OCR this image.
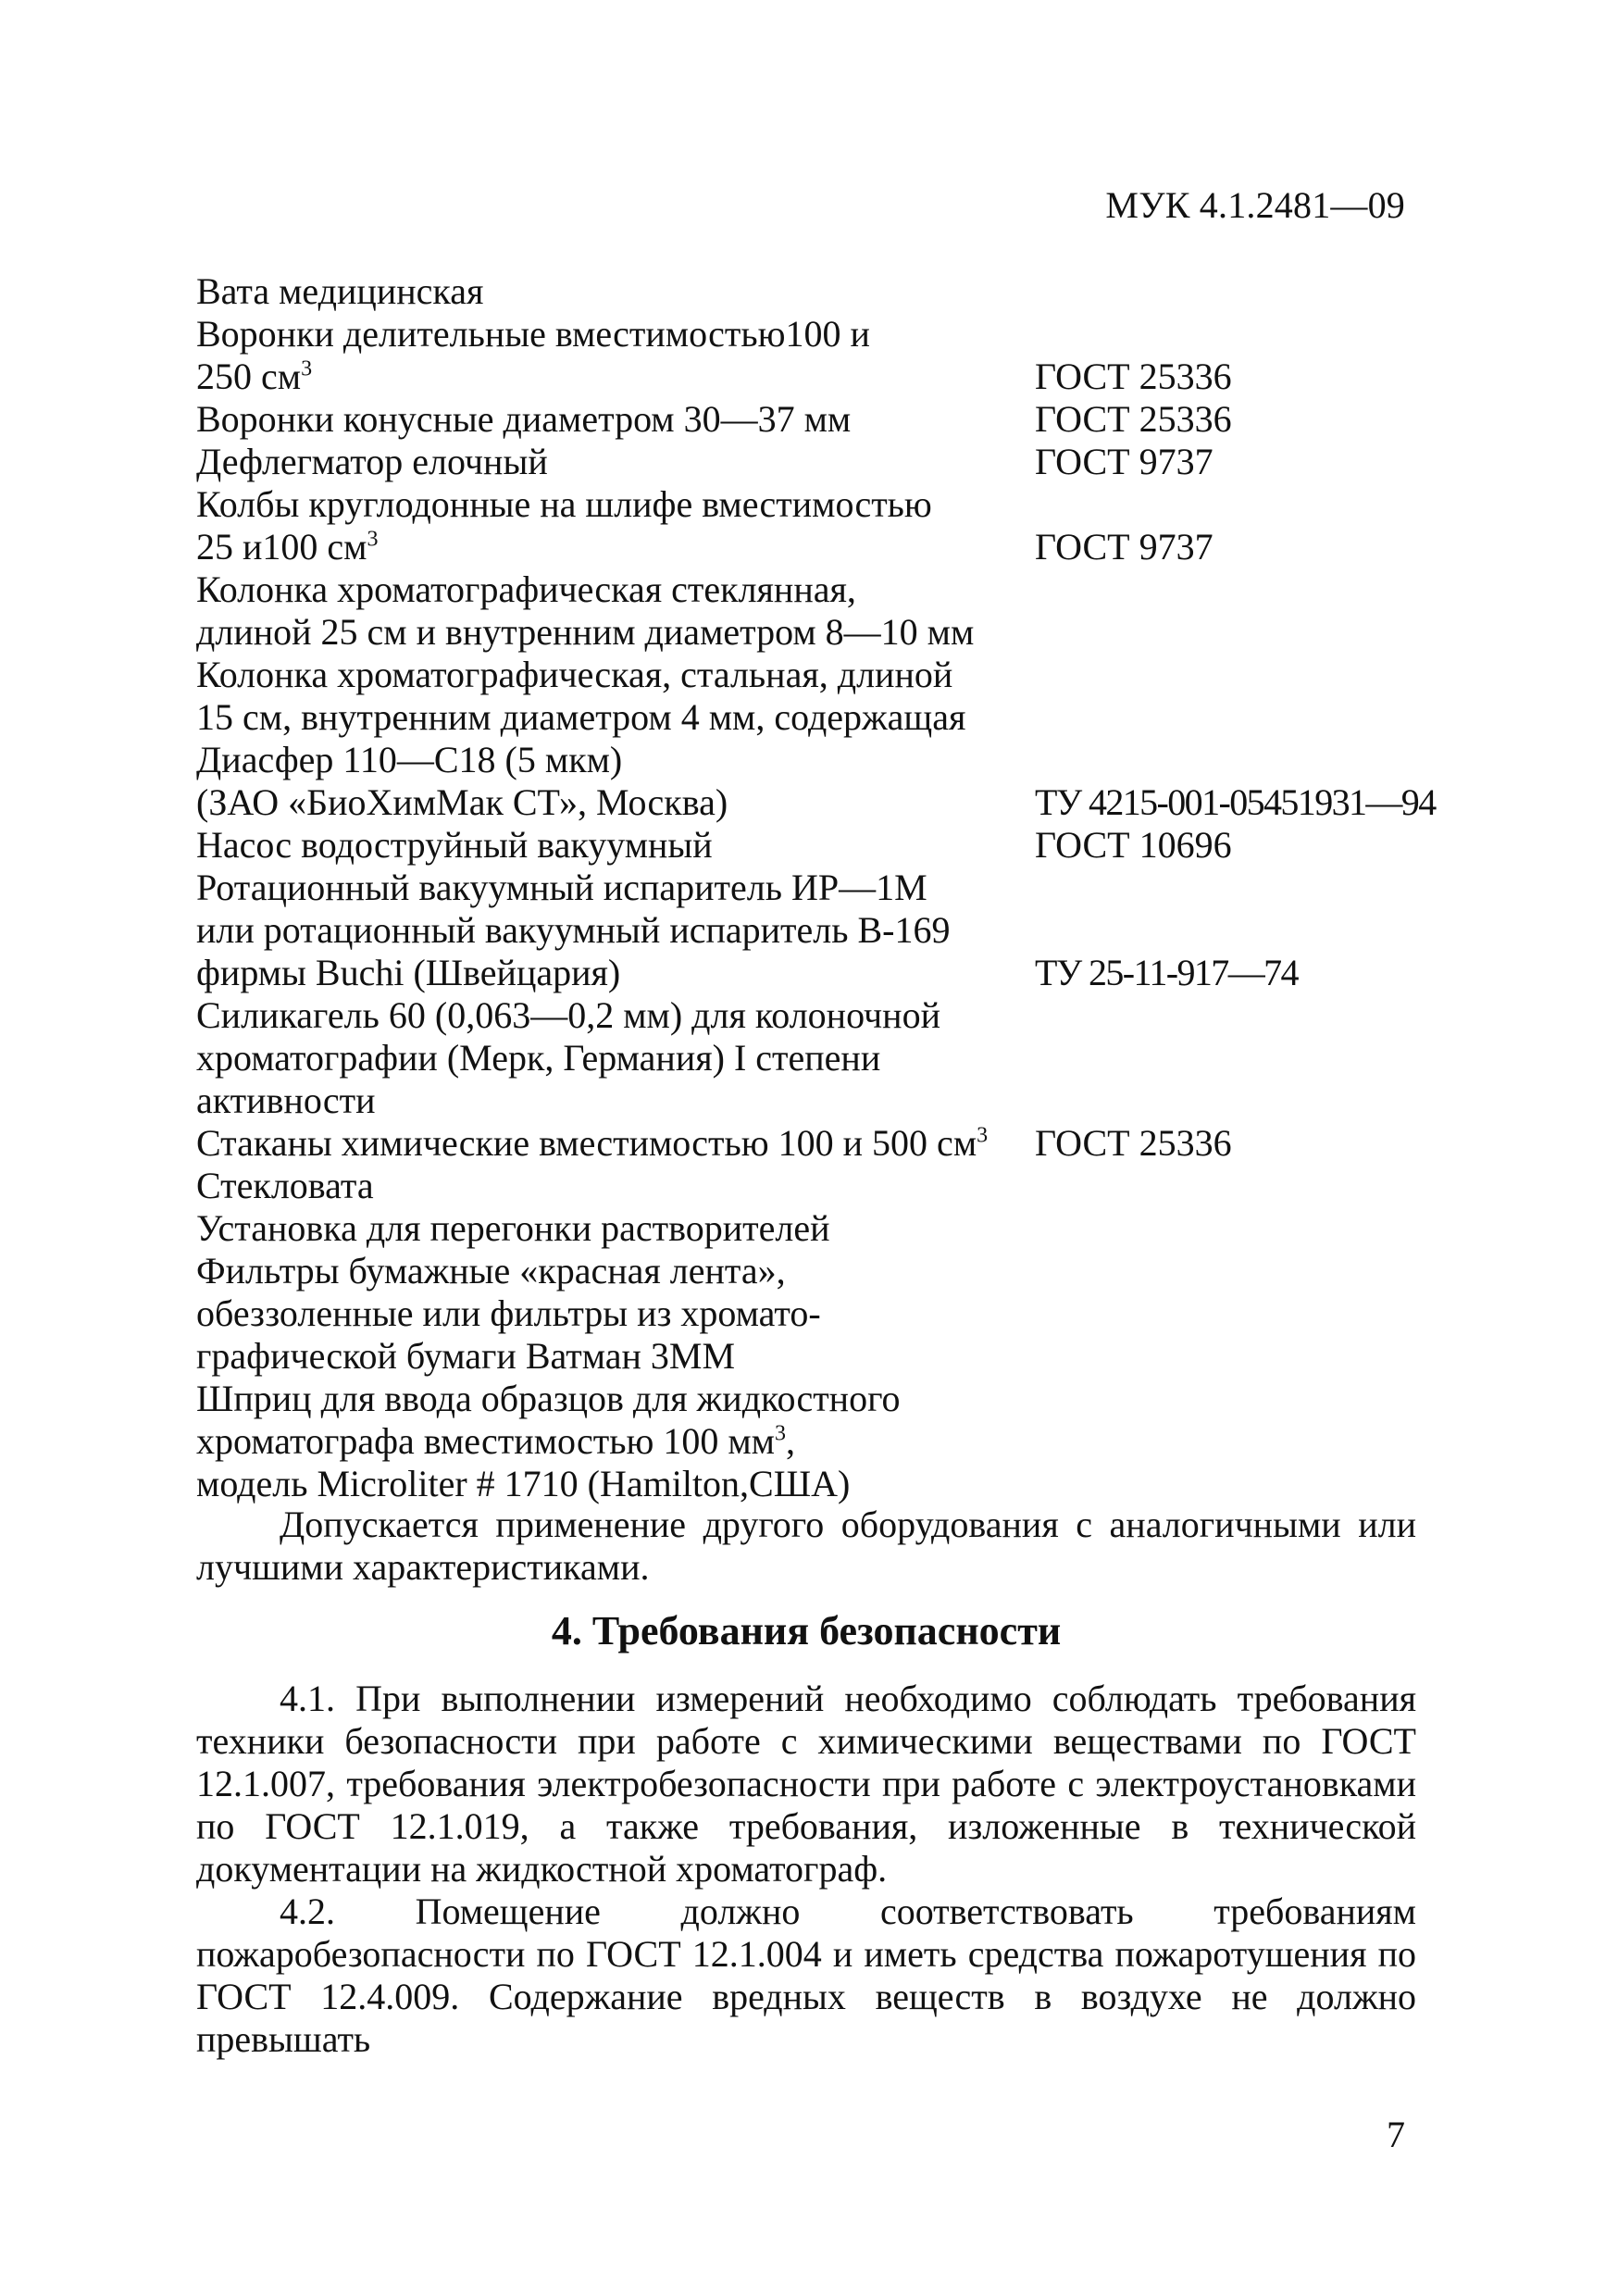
МУК 4.1.2481—09
Вата медицинская
Воронки делительные вместимостью100 и
250 $см^3$	ГОСТ 25336
Воронки конусные диаметром 30—37 мм	ГОСТ 25336
Дефлегматор елочный	ГОСТ 9737
Колбы круглодонные на шлифе вместимостью
25 и100 $см^3$	ГОСТ 9737
Колонка хроматографическая стеклянная,
длиной 25 см и внутренним диаметром 8—10 мм
Колонка хроматографическая, стальная, длиной
15 см, внутренним диаметром 4 мм, содержащая
Диасфер 110—С18 (5 мкм)
(ЗАО «БиоХимМак СТ», Москва)	ТУ 4215-001-05451931—94
Насос водоструйный вакуумный	ГОСТ 10696
Ротационный вакуумный испаритель ИР—1М
или ротационный вакуумный испаритель В-169
фирмы Buchi (Швейцария)	ТУ 25-11-917—74
Силикагель 60 (0,063—0,2 мм) для колоночной
хроматографии (Мерк, Германия) I степени
активности
Стаканы химические вместимостью 100 и 500 $см^3$	ГОСТ 25336
Стекловата
Установка для перегонки растворителей
Фильтры бумажные «красная лента»,
обеззоленные или фильтры из хромато-
графической бумаги Ватман 3ММ
Шприц для ввода образцов для жидкостного
хроматографа вместимостью 100 $мм^3$,
модель Microliter # 1710 (Hamilton,США)

Допускается применение другого оборудования с аналогичными или лучшими характеристиками.

4. Требования безопасности

4.1. При выполнении измерений необходимо соблюдать требования техники безопасности при работе с химическими веществами по ГОСТ 12.1.007, требования электробезопасности при работе с электроустановками по ГОСТ 12.1.019, а также требования, изложенные в технической документации на жидкостной хроматограф.

4.2. Помещение должно соответствовать требованиям пожаробезопасности по ГОСТ 12.1.004 и иметь средства пожаротушения по ГОСТ 12.4.009. Содержание вредных веществ в воздухе не должно превышать

7
